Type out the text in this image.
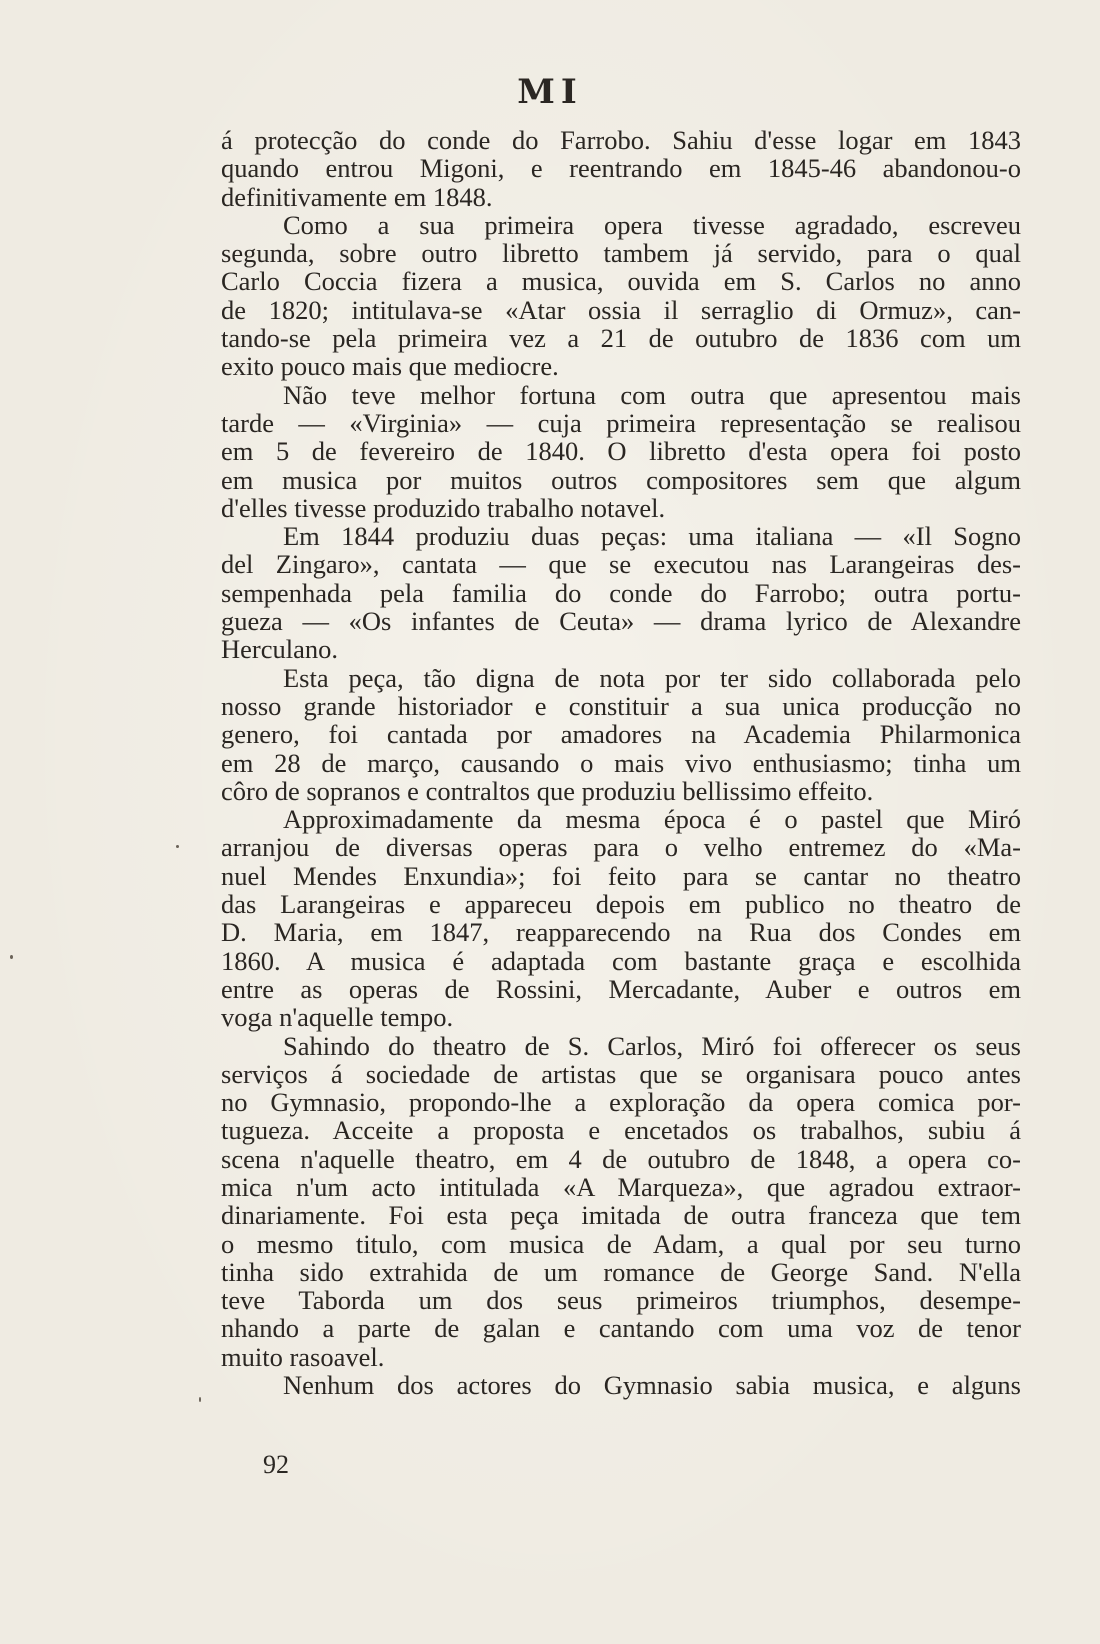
MI
á protecção do conde do Farrobo. Sahiu d'esse logar em 1843
quando entrou Migoni, e reentrando em 1845-46 abandonou-o
definitivamente em 1848.
Como a sua primeira opera tivesse agradado, escreveu
segunda, sobre outro libretto tambem já servido, para o qual
Carlo Coccia fizera a musica, ouvida em S. Carlos no anno
de 1820; intitulava-se «Atar ossia il serraglio di Ormuz», can-
tando-se pela primeira vez a 21 de outubro de 1836 com um
exito pouco mais que mediocre.
Não teve melhor fortuna com outra que apresentou mais
tarde — «Virginia» — cuja primeira representação se realisou
em 5 de fevereiro de 1840. O libretto d'esta opera foi posto
em musica por muitos outros compositores sem que algum
d'elles tivesse produzido trabalho notavel.
Em 1844 produziu duas peças: uma italiana — «Il Sogno
del Zingaro», cantata — que se executou nas Larangeiras des-
sempenhada pela familia do conde do Farrobo; outra portu-
gueza — «Os infantes de Ceuta» — drama lyrico de Alexandre
Herculano.
Esta peça, tão digna de nota por ter sido collaborada pelo
nosso grande historiador e constituir a sua unica producção no
genero, foi cantada por amadores na Academia Philarmonica
em 28 de março, causando o mais vivo enthusiasmo; tinha um
côro de sopranos e contraltos que produziu bellissimo effeito.
Approximadamente da mesma época é o pastel que Miró
arranjou de diversas operas para o velho entremez do «Ma-
nuel Mendes Enxundia»; foi feito para se cantar no theatro
das Larangeiras e appareceu depois em publico no theatro de
D. Maria, em 1847, reapparecendo na Rua dos Condes em
1860. A musica é adaptada com bastante graça e escolhida
entre as operas de Rossini, Mercadante, Auber e outros em
voga n'aquelle tempo.
Sahindo do theatro de S. Carlos, Miró foi offerecer os seus
serviços á sociedade de artistas que se organisara pouco antes
no Gymnasio, propondo-lhe a exploração da opera comica por-
tugueza. Acceite a proposta e encetados os trabalhos, subiu á
scena n'aquelle theatro, em 4 de outubro de 1848, a opera co-
mica n'um acto intitulada «A Marqueza», que agradou extraor-
dinariamente. Foi esta peça imitada de outra franceza que tem
o mesmo titulo, com musica de Adam, a qual por seu turno
tinha sido extrahida de um romance de George Sand. N'ella
teve Taborda um dos seus primeiros triumphos, desempe-
nhando a parte de galan e cantando com uma voz de tenor
muito rasoavel.
Nenhum dos actores do Gymnasio sabia musica, e alguns
92
